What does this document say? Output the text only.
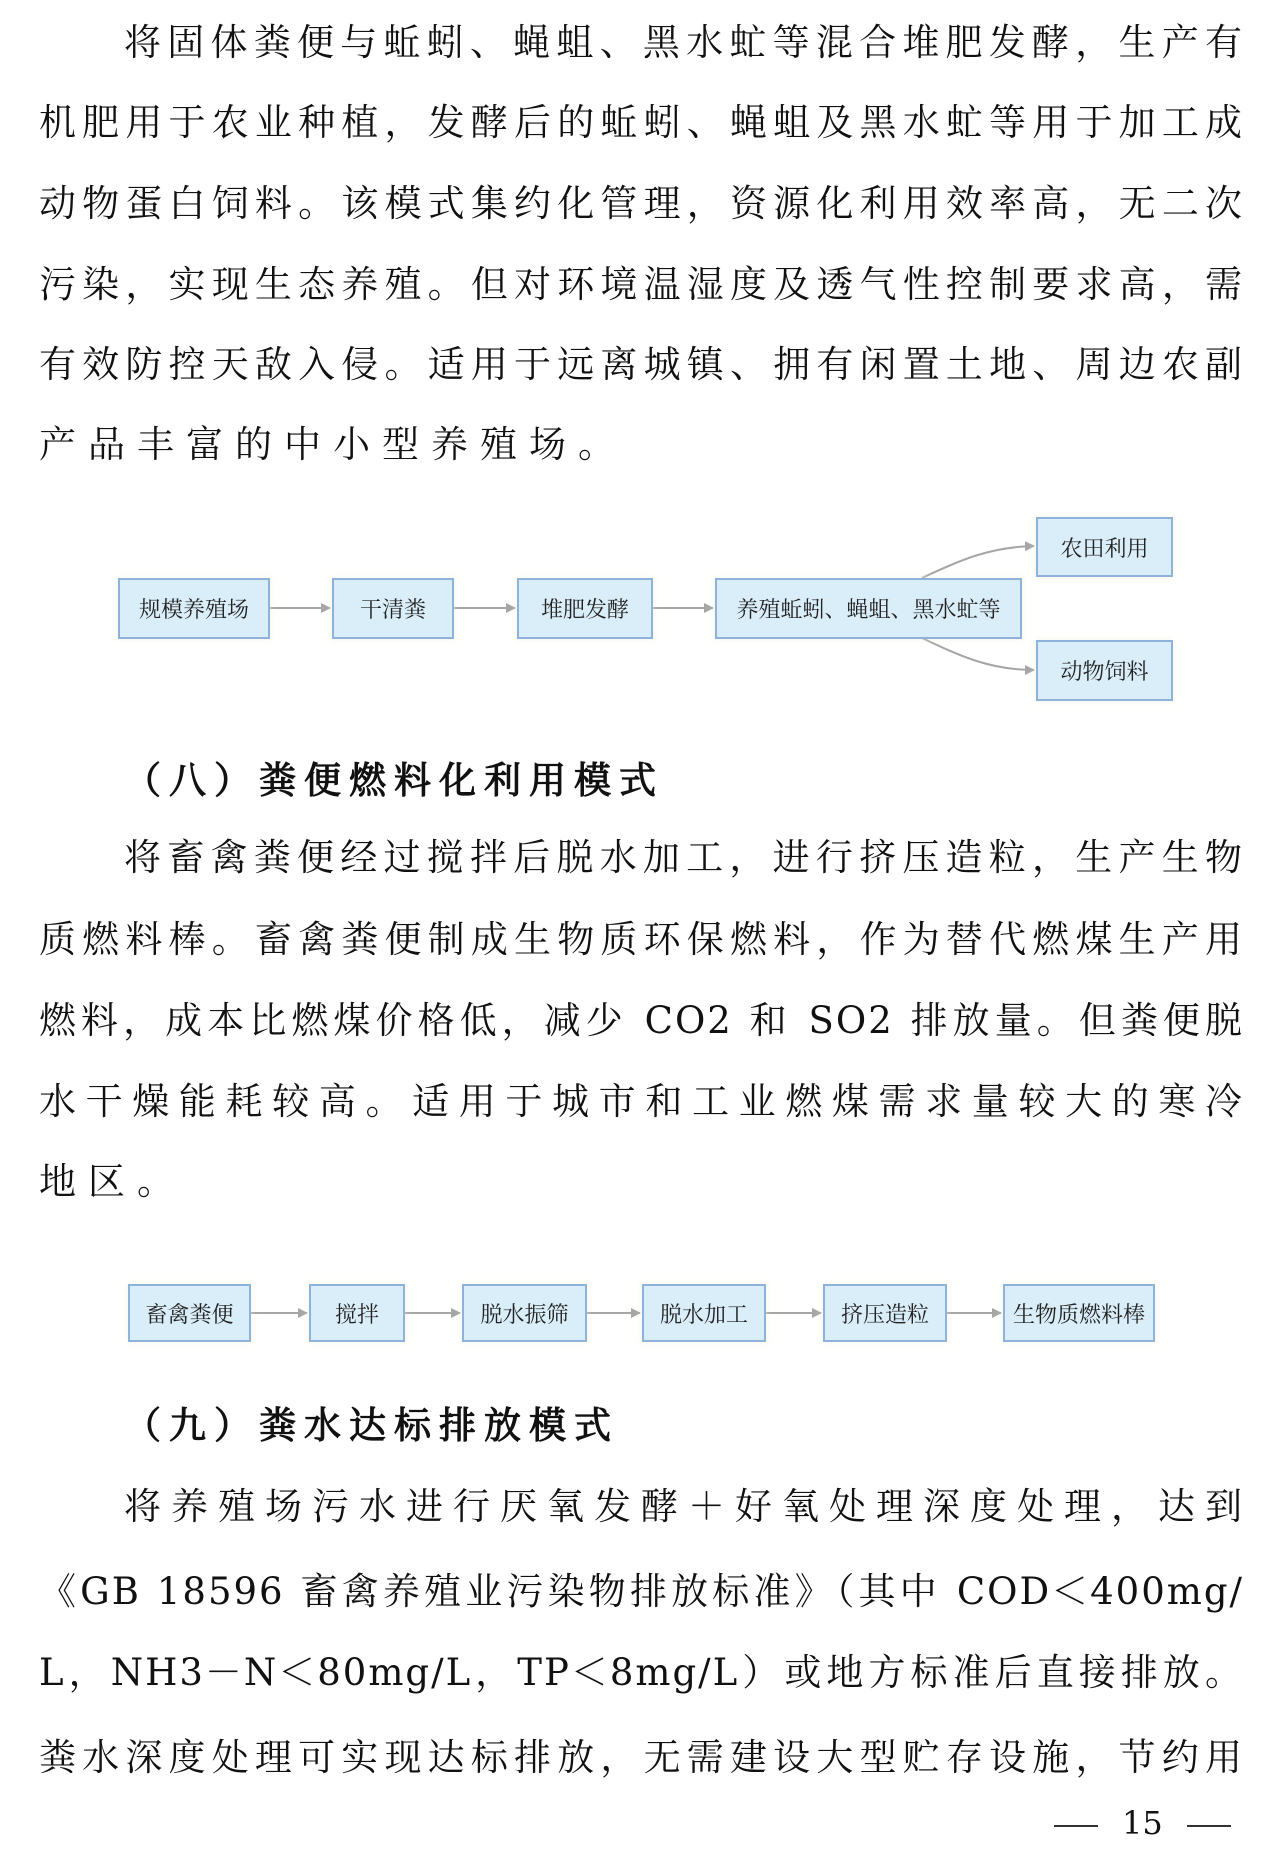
将固体粪便与蚯蚓、蝇蛆、黑水虻等混合堆肥发酵，生产有
机肥用于农业种植，发酵后的蚯蚓、蝇蛆及黑水虻等用于加工成
动物蛋白饲料。该模式集约化管理，资源化利用效率高，无二次
污染，实现生态养殖。但对环境温湿度及透气性控制要求高，需
有效防控天敌入侵。适用于远离城镇、拥有闲置土地、周边农副
产品丰富的中小型养殖场。
规模养殖场	干清粪	堆肥发酵	养殖蚯蚓、蝇蛆、黑水虻等
农田利用
动物饲料
（八）粪便燃料化利用模式
将畜禽粪便经过搅拌后脱水加工，进行挤压造粒，生产生物
质燃料棒。畜禽粪便制成生物质环保燃料，作为替代燃煤生产用
燃料，成本比燃煤价格低，减少 CO2 和 SO2 排放量。但粪便脱
水干燥能耗较高。适用于城市和工业燃煤需求量较大的寒冷
地区。
畜禽粪便	搅拌	脱水振筛	脱水加工	挤压造粒	生物质燃料棒
（九）粪水达标排放模式
将养殖场污水进行厌氧发酵＋好氧处理深度处理，达到
《GB 18596 畜禽养殖业污染物排放标准》（其中 COD＜400mg/
L，NH3－N＜80mg/L，TP＜8mg/L）或地方标准后直接排放。
粪水深度处理可实现达标排放，无需建设大型贮存设施，节约用
15
